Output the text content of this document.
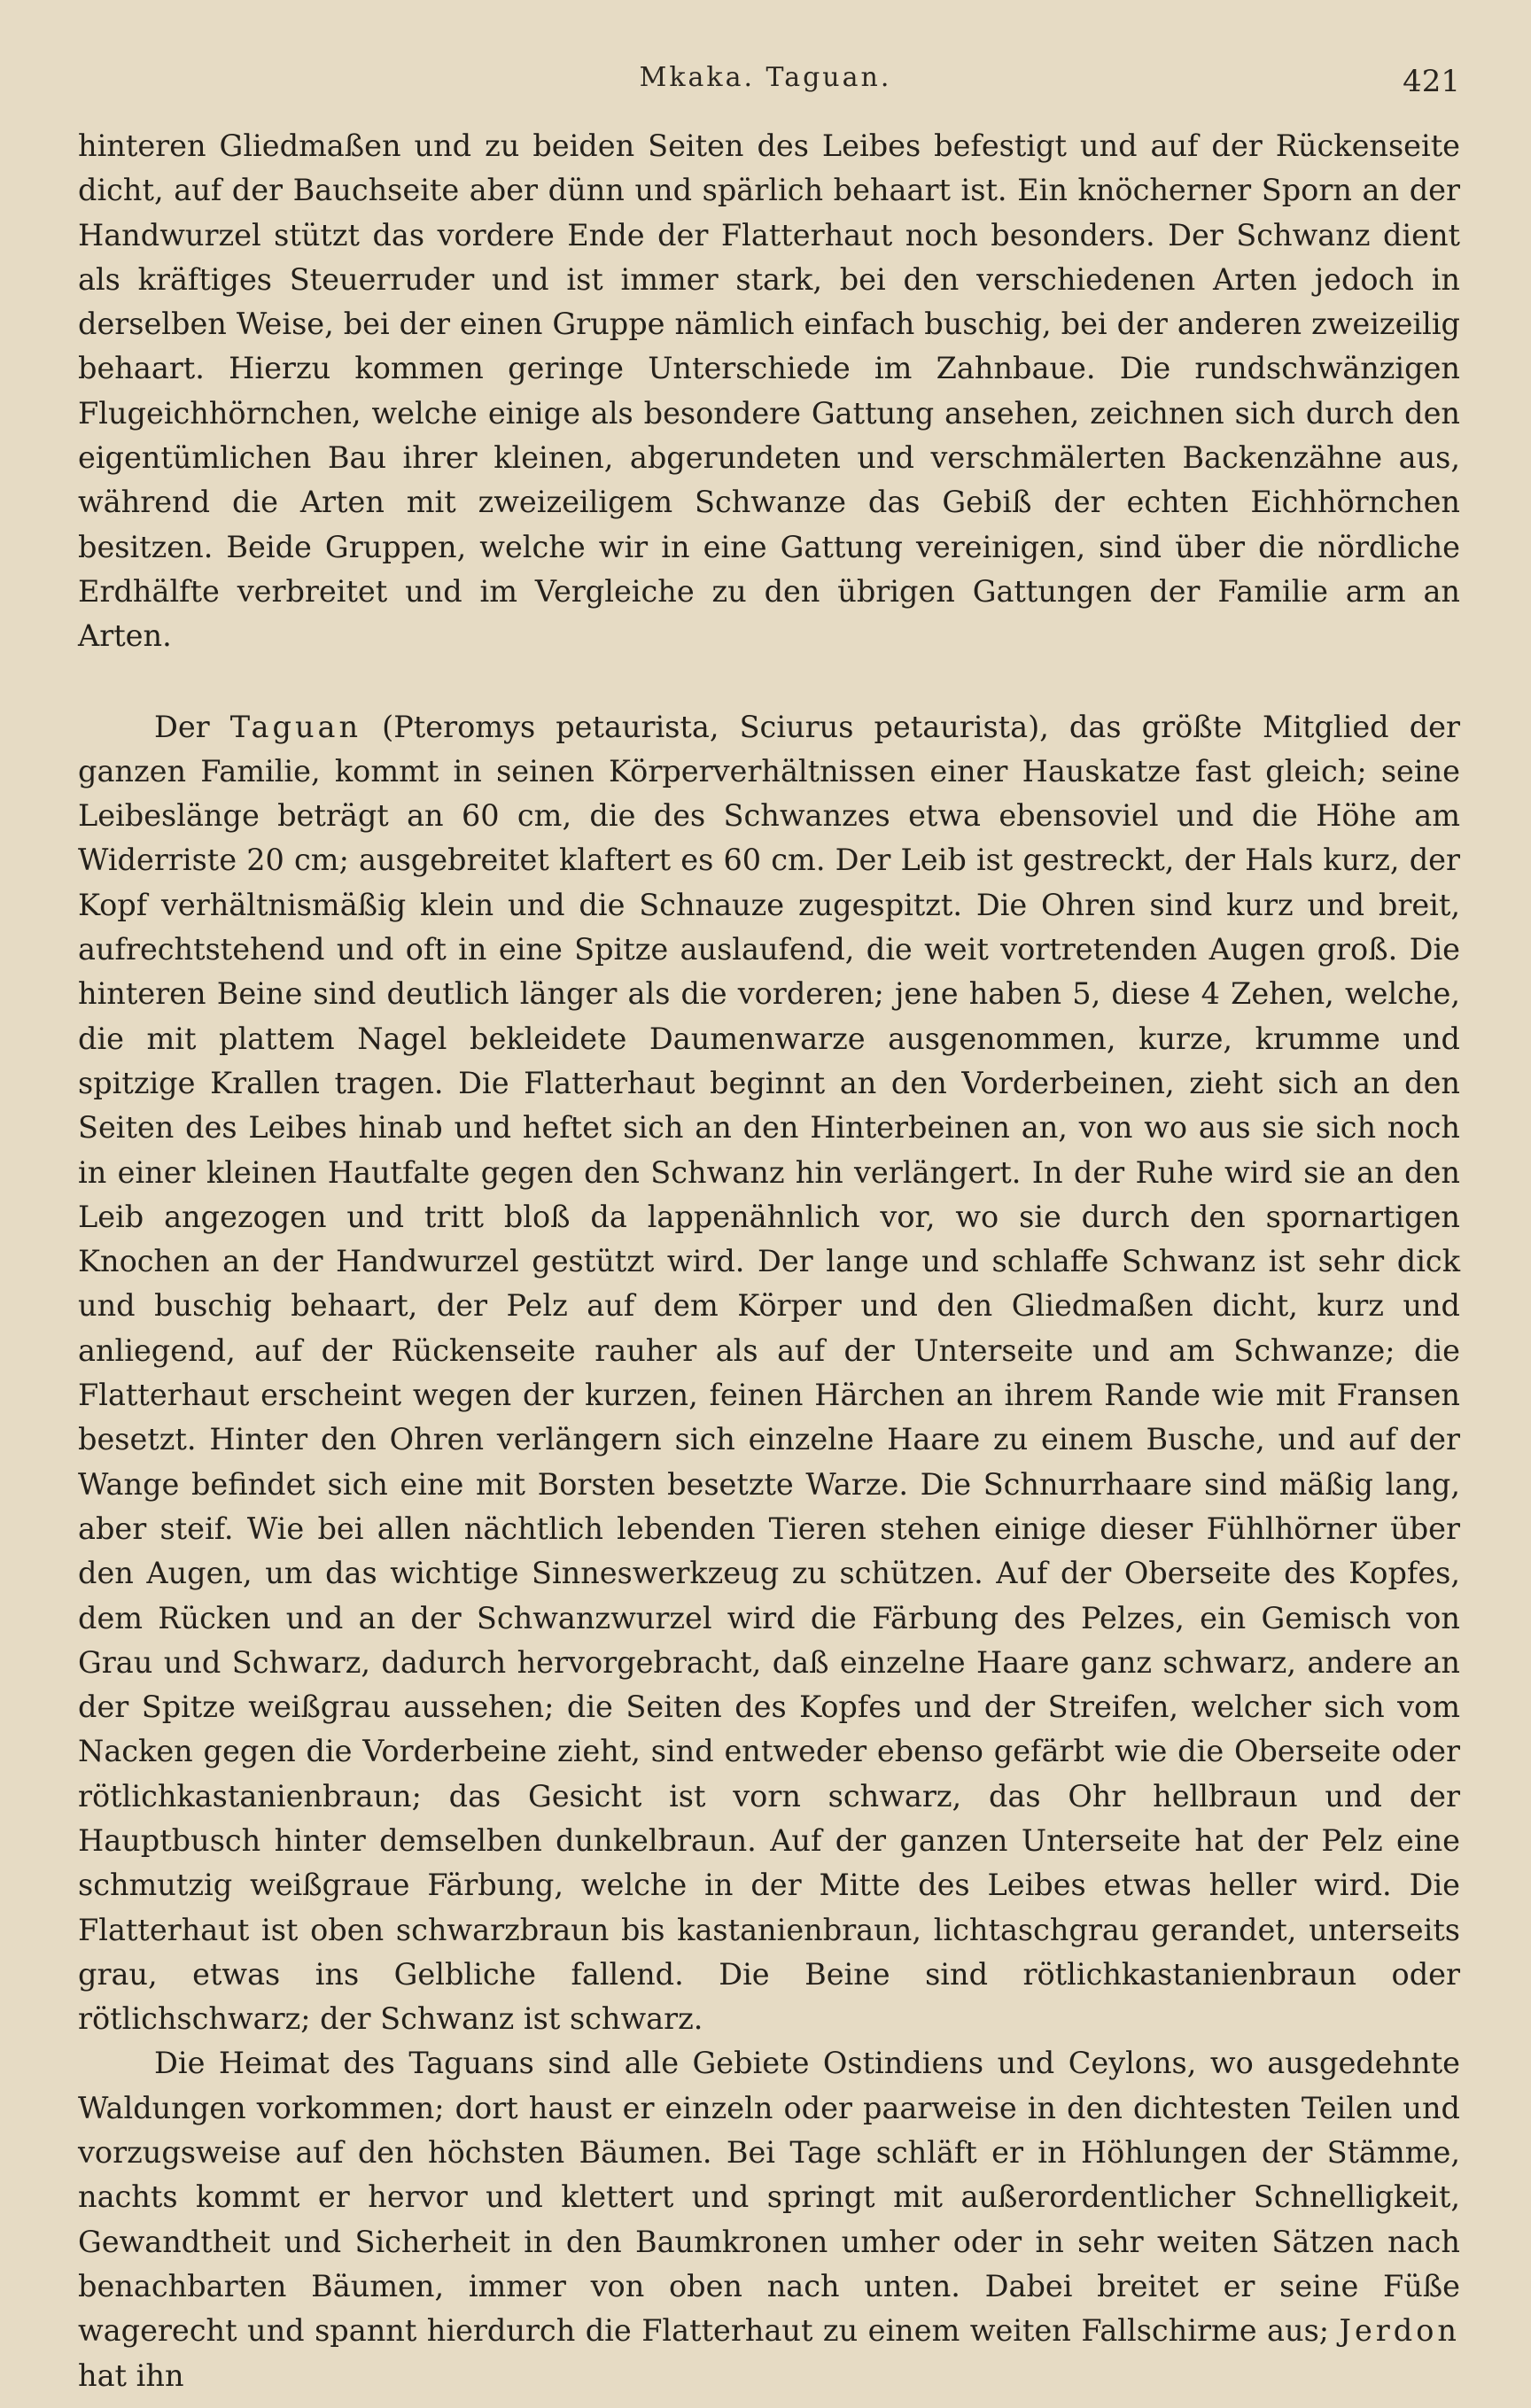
Mkaka. Taguan.	421

hinteren Gliedmaßen und zu beiden Seiten des Leibes befestigt und auf der Rückenseite dicht, auf der Bauchseite aber dünn und spärlich behaart ist. Ein knöcherner Sporn an der Handwurzel stützt das vordere Ende der Flatterhaut noch besonders. Der Schwanz dient als kräftiges Steuerruder und ist immer stark, bei den verschiedenen Arten jedoch in derselben Weise, bei der einen Gruppe nämlich einfach buschig, bei der anderen zweizeilig behaart. Hierzu kommen geringe Unterschiede im Zahnbaue. Die rundschwänzigen Flugeichhörnchen, welche einige als besondere Gattung ansehen, zeichnen sich durch den eigentümlichen Bau ihrer kleinen, abgerundeten und verschmälerten Backenzähne aus, während die Arten mit zweizeiligem Schwanze das Gebiß der echten Eichhörnchen besitzen. Beide Gruppen, welche wir in eine Gattung vereinigen, sind über die nördliche Erdhälfte verbreitet und im Vergleiche zu den übrigen Gattungen der Familie arm an Arten.

Der Taguan (Pteromys petaurista, Sciurus petaurista), das größte Mitglied der ganzen Familie, kommt in seinen Körperverhältnissen einer Hauskatze fast gleich; seine Leibeslänge beträgt an 60 cm, die des Schwanzes etwa ebensoviel und die Höhe am Widerriste 20 cm; ausgebreitet klaftert es 60 cm. Der Leib ist gestreckt, der Hals kurz, der Kopf verhältnismäßig klein und die Schnauze zugespitzt. Die Ohren sind kurz und breit, aufrechtstehend und oft in eine Spitze auslaufend, die weit vortretenden Augen groß. Die hinteren Beine sind deutlich länger als die vorderen; jene haben 5, diese 4 Zehen, welche, die mit plattem Nagel bekleidete Daumenwarze ausgenommen, kurze, krumme und spitzige Krallen tragen. Die Flatterhaut beginnt an den Vorderbeinen, zieht sich an den Seiten des Leibes hinab und heftet sich an den Hinterbeinen an, von wo aus sie sich noch in einer kleinen Hautfalte gegen den Schwanz hin verlängert. In der Ruhe wird sie an den Leib angezogen und tritt bloß da lappenähnlich vor, wo sie durch den spornartigen Knochen an der Handwurzel gestützt wird. Der lange und schlaffe Schwanz ist sehr dick und buschig behaart, der Pelz auf dem Körper und den Gliedmaßen dicht, kurz und anliegend, auf der Rückenseite rauher als auf der Unterseite und am Schwanze; die Flatterhaut erscheint wegen der kurzen, feinen Härchen an ihrem Rande wie mit Fransen besetzt. Hinter den Ohren verlängern sich einzelne Haare zu einem Busche, und auf der Wange befindet sich eine mit Borsten besetzte Warze. Die Schnurrhaare sind mäßig lang, aber steif. Wie bei allen nächtlich lebenden Tieren stehen einige dieser Fühlhörner über den Augen, um das wichtige Sinneswerkzeug zu schützen. Auf der Oberseite des Kopfes, dem Rücken und an der Schwanzwurzel wird die Färbung des Pelzes, ein Gemisch von Grau und Schwarz, dadurch hervorgebracht, daß einzelne Haare ganz schwarz, andere an der Spitze weißgrau aussehen; die Seiten des Kopfes und der Streifen, welcher sich vom Nacken gegen die Vorderbeine zieht, sind entweder ebenso gefärbt wie die Oberseite oder rötlichkastanienbraun; das Gesicht ist vorn schwarz, das Ohr hellbraun und der Hauptbusch hinter demselben dunkelbraun. Auf der ganzen Unterseite hat der Pelz eine schmutzig weißgraue Färbung, welche in der Mitte des Leibes etwas heller wird. Die Flatterhaut ist oben schwarzbraun bis kastanienbraun, lichtaschgrau gerandet, unterseits grau, etwas ins Gelbliche fallend. Die Beine sind rötlichkastanienbraun oder rötlichschwarz; der Schwanz ist schwarz.

Die Heimat des Taguans sind alle Gebiete Ostindiens und Ceylons, wo ausgedehnte Waldungen vorkommen; dort haust er einzeln oder paarweise in den dichtesten Teilen und vorzugsweise auf den höchsten Bäumen. Bei Tage schläft er in Höhlungen der Stämme, nachts kommt er hervor und klettert und springt mit außerordentlicher Schnelligkeit, Gewandtheit und Sicherheit in den Baumkronen umher oder in sehr weiten Sätzen nach benachbarten Bäumen, immer von oben nach unten. Dabei breitet er seine Füße wagerecht und spannt hierdurch die Flatterhaut zu einem weiten Fallschirme aus; Jerdon hat ihn
